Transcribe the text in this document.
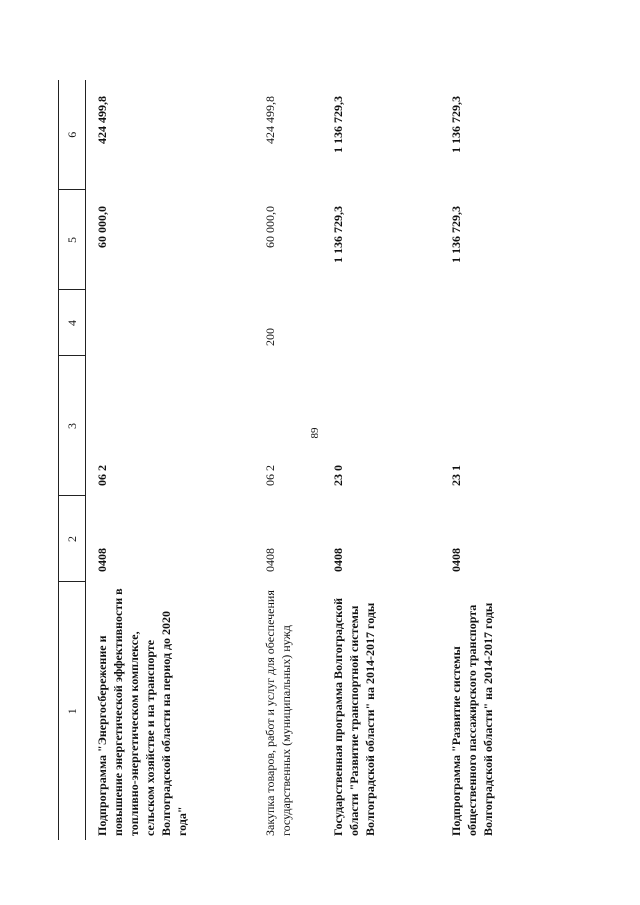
89
1	2	3	4	5	6
Подпрограмма "Энергосбережение и повышение энергетической эффективности в топливно-энергетическом комплексе, сельском хозяйстве и на транспорте Волгоградской области на период до 2020 года"	0408	06 2		60 000,0	424 499,8
Закупка товаров, работ и услуг для обеспечения государственных (муниципальных) нужд	0408	06 2	200	60 000,0	424 499,8
Государственная программа Волгоградской области "Развитие транспортной системы Волгоградской области" на 2014-2017 годы	0408	23 0		1 136 729,3	1 136 729,3
Подпрограмма "Развитие системы общественного пассажирского транспорта Волгоградской области" на 2014-2017 годы	0408	23 1		1 136 729,3	1 136 729,3
